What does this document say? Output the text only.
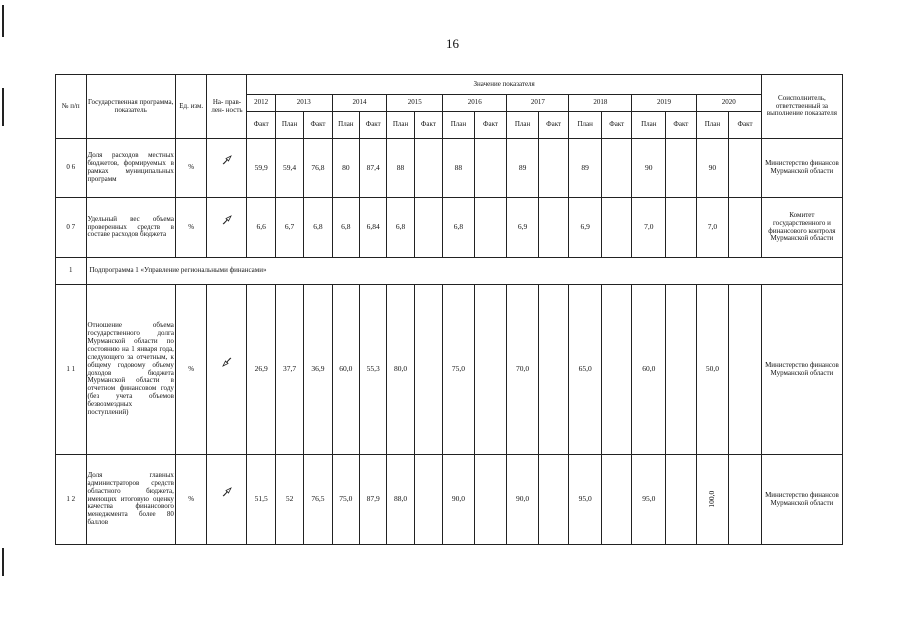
16
№ п/п	Государственная программа, показатель	Ед. изм.	На- прав- лен- ность	Значение показателя																	Соисполнитель, ответственный за выполнение показателя
				2012	2013		2014		2015		2016		2017		2018		2019		2020		
				Факт	План	Факт	План	Факт	План	Факт	План	Факт	План	Факт	План	Факт	План	Факт	План	Факт	
0 6	Доля расходов местных бюджетов, формируемых в рамках муниципальных программ	%		59,9	59,4	76,8	80	87,4	88		88		89		89		90		90		Министерство финансов Мурманской области
0 7	Удельный вес объема проверенных средств в составе расходов бюджета	%		6,6	6,7	6,8	6,8	6,84	6,8		6,8		6,9		6,9		7,0		7,0		Комитет государственного и финансового контроля Мурманской области
1	Подпрограмма 1 «Управление региональными финансами»																				
1 1	Отношение объема государственного долга Мурманской области по состоянию на 1 января года, следующего за отчетным, к общему годовому объему доходов бюджета Мурманской области в отчетном финансовом году (без учета объемов безвозмездных поступлений)	%		26,9	37,7	36,9	60,0	55,3	80,0		75,0		70,0		65,0		60,0		50,0		Министерство финансов Мурманской области
1 2	Доля главных администраторов средств областного бюджета, имеющих итоговую оценку качества финансового менеджмента более 80 баллов	%		51,5	52	76,5	75,0	87,9	88,0		90,0		90,0		95,0		95,0		100,0		Министерство финансов Мурманской области
